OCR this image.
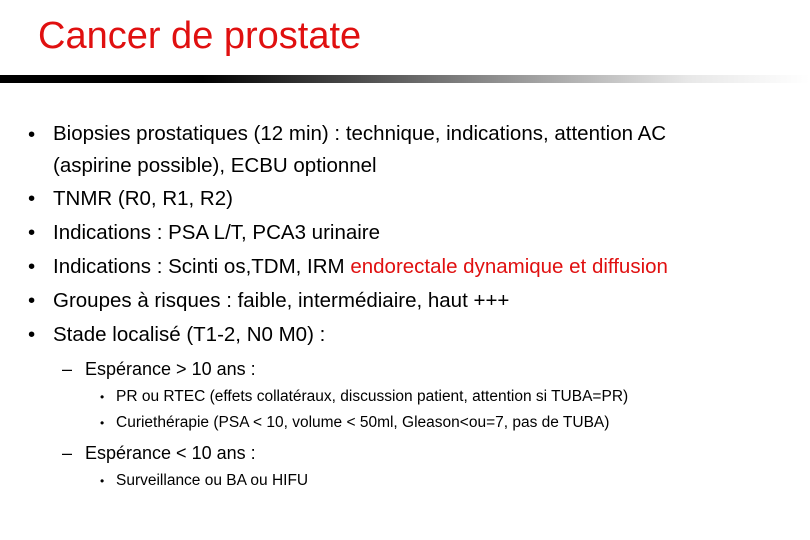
Cancer de prostate
• Biopsies prostatiques (12 min) : technique, indications, attention AC
(aspirine possible), ECBU optionnel
• TNMR (R0, R1, R2)
• Indications : PSA L/T, PCA3 urinaire
• Indications : Scinti os,TDM, IRM endorectale dynamique et diffusion
• Groupes à risques : faible, intermédiaire, haut +++
• Stade localisé (T1-2, N0 M0) :
– Espérance > 10 ans :
• PR ou RTEC (effets collatéraux, discussion patient, attention si TUBA=PR)
• Curiethérapie (PSA < 10, volume < 50ml, Gleason<ou=7, pas de TUBA)
– Espérance < 10 ans :
• Surveillance ou BA ou HIFU
